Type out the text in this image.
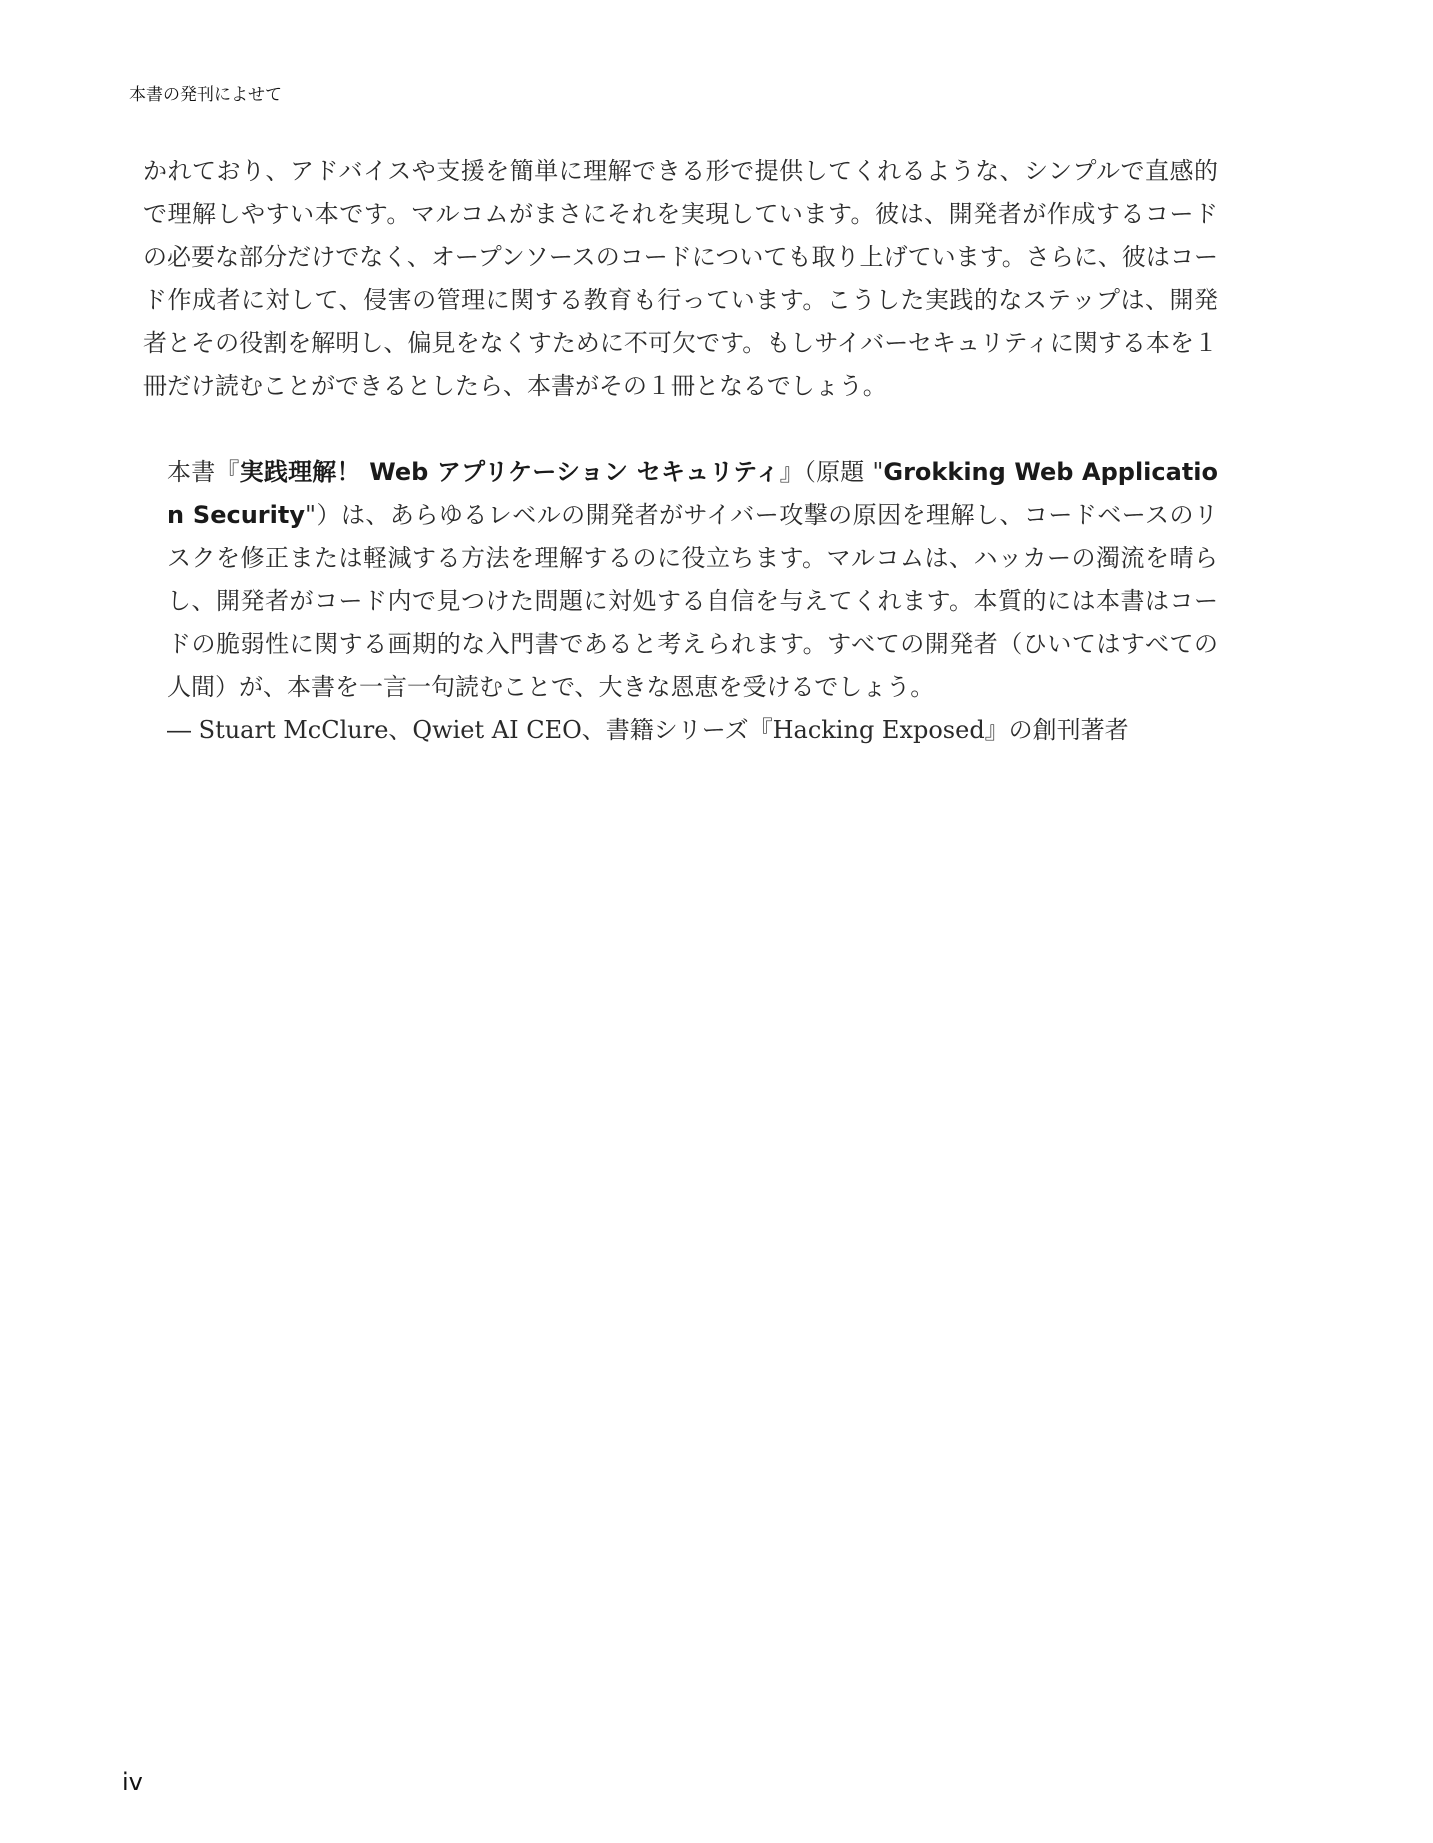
本書の発刊によせて

かれており、アドバイスや支援を簡単に理解できる形で提供してくれるような、シンプルで直感的で理解しやすい本です。マルコムがまさにそれを実現しています。彼は、開発者が作成するコードの必要な部分だけでなく、オープンソースのコードについても取り上げています。さらに、彼はコード作成者に対して、侵害の管理に関する教育も行っています。こうした実践的なステップは、開発者とその役割を解明し、偏見をなくすために不可欠です。もしサイバーセキュリティに関する本を１冊だけ読むことができるとしたら、本書がその１冊となるでしょう。

本書『実践理解！ Web アプリケーション セキュリティ』（原題 "Grokking Web Application Security"）は、あらゆるレベルの開発者がサイバー攻撃の原因を理解し、コードベースのリスクを修正または軽減する方法を理解するのに役立ちます。マルコムは、ハッカーの濁流を晴らし、開発者がコード内で見つけた問題に対処する自信を与えてくれます。本質的には本書はコードの脆弱性に関する画期的な入門書であると考えられます。すべての開発者（ひいてはすべての人間）が、本書を一言一句読むことで、大きな恩恵を受けるでしょう。

― Stuart McClure、Qwiet AI CEO、書籍シリーズ『Hacking Exposed』の創刊著者

iv
